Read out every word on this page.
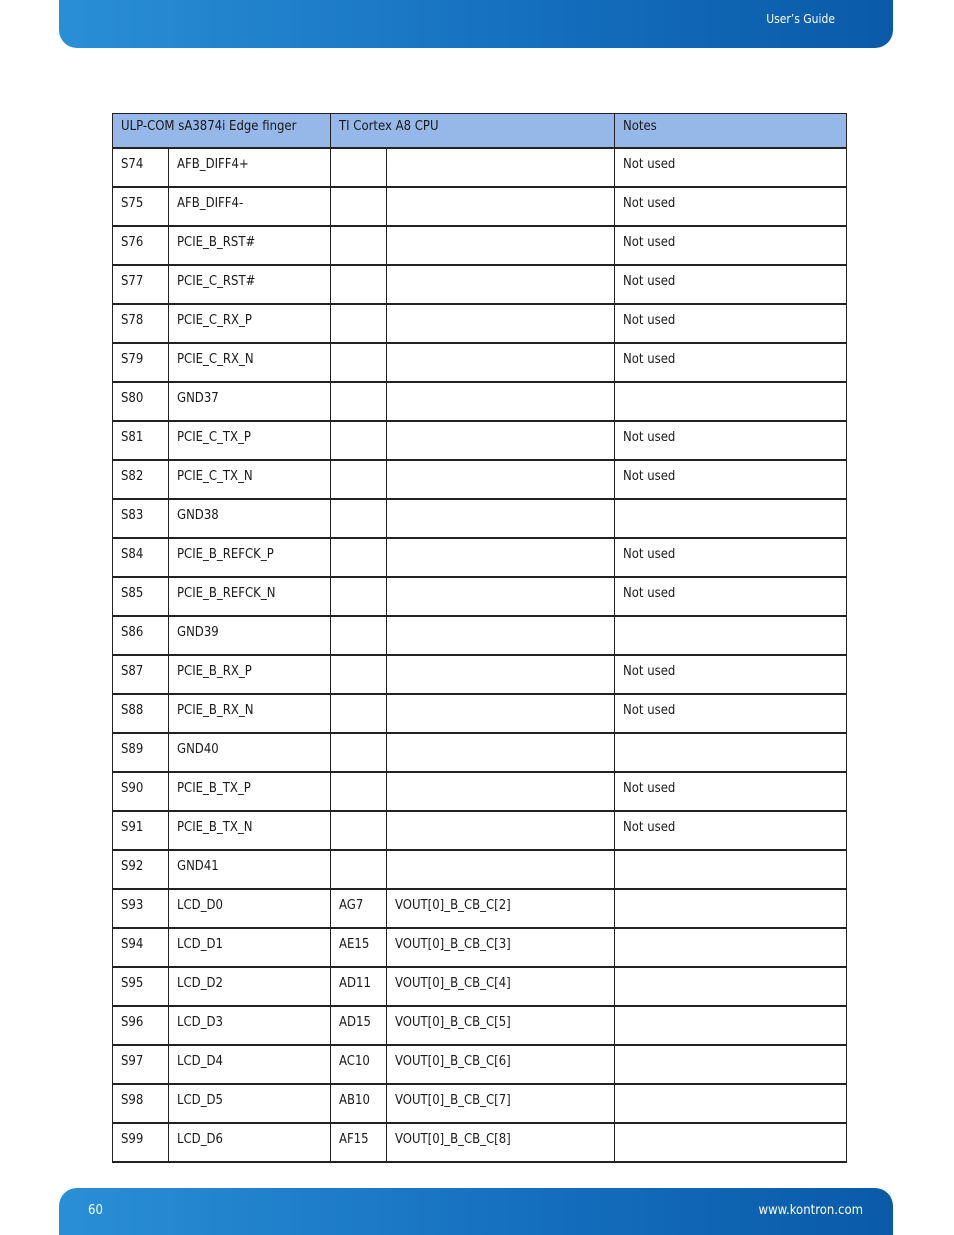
User’s Guide
ULP-COM sA3874i Edge finger		TI Cortex A8 CPU		Notes
S74	AFB_DIFF4+			Not used
S75	AFB_DIFF4-			Not used
S76	PCIE_B_RST#			Not used
S77	PCIE_C_RST#			Not used
S78	PCIE_C_RX_P			Not used
S79	PCIE_C_RX_N			Not used
S80	GND37			
S81	PCIE_C_TX_P			Not used
S82	PCIE_C_TX_N			Not used
S83	GND38			
S84	PCIE_B_REFCK_P			Not used
S85	PCIE_B_REFCK_N			Not used
S86	GND39			
S87	PCIE_B_RX_P			Not used
S88	PCIE_B_RX_N			Not used
S89	GND40			
S90	PCIE_B_TX_P			Not used
S91	PCIE_B_TX_N			Not used
S92	GND41			
S93	LCD_D0	AG7	VOUT[0]_B_CB_C[2]	
S94	LCD_D1	AE15	VOUT[0]_B_CB_C[3]	
S95	LCD_D2	AD11	VOUT[0]_B_CB_C[4]	
S96	LCD_D3	AD15	VOUT[0]_B_CB_C[5]	
S97	LCD_D4	AC10	VOUT[0]_B_CB_C[6]	
S98	LCD_D5	AB10	VOUT[0]_B_CB_C[7]	
S99	LCD_D6	AF15	VOUT[0]_B_CB_C[8]	
60	www.kontron.com
